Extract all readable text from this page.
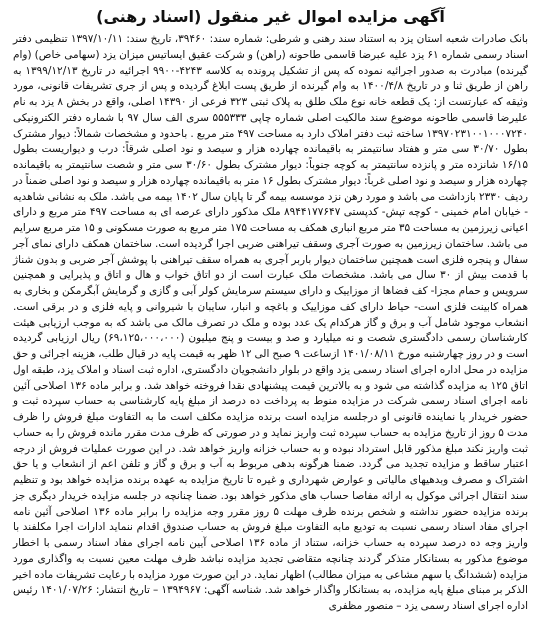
آگهی مزایده اموال غیر منقول (اسناد رهنی)

بانک صادرات شعبه استان یزد به استناد سند رهنی و شرطی: شماره سند: ۳۹۴۶۰، تاریخ سند: ۱۳۹۷/۱۰/۱۱ تنظیمی دفتر اسناد رسمی شماره ۶۱ یزد علیه عبرضا قاسمی طاحونه (راهن) و شرکت عقیق ایساتیس میزان یزد (سهامی خاص) (وام گیرنده) مبادرت به صدور اجرائیه نموده که پس از تشکیل پرونده به کلاسه ۴۲۴۳-۹۹۰۰ اجرائیه در تاریخ ۱۳۹۹/۱۲/۱۳ به راهن از طریق ثنا و در تاریخ ۱۴۰۰/۴/۸ به وام گیرنده از طریق پست ابلاغ گردیده و پس از جری تشریفات قانونی، مورد وثیقه که عبارتست از: یک قطعه خانه نوع ملک طلق به پلاک ثبتی ۳۲۳ فرعی از ۱۴۳۹۰ اصلی، واقع در بخش ۸ یزد به نام علیرضا قاسمی طاحونه موضوع سند مالکیت اصلی شماره چاپی ۵۵۵۳۳۳ سری الف سال ۹۷ با شماره دفتر الکترونیکی ۱۳۹۷۰۲۳۱۰۰۱۰۰۰۷۲۴۰ ساخته ثبت دفتر املاک دارد به مساحت ۴۹۷ متر مربع . باحدود و مشخصات شمالاً: دیوار مشترک بطول ۳۰/۷۰ سی متر و هفتاد سانتیمتر به باقیمانده چهارده هزار و سیصد و نود اصلی شرقاً: درب و دیواریست بطول ۱۶/۱۵ شانزده متر و پانزده سانتیمتر به کوچه جنوباً: دیوار مشترک بطول ۳۰/۶۰ سی متر و شصت سانتیمتر به باقیمانده چهارده هزار و سیصد و نود اصلی غرباً: دیوار مشترک بطول ۱۶ متر به باقیمانده چهارده هزار و سیصد و نود اصلی ضمناً در ردیف ۲۳۳۰ بازداشت می باشد و مورد رهن نزد موسسه بیمه گر تا پایان سال ۱۴۰۲ بیمه می باشد. ملک به نشانی شاهدیه - خیابان امام خمینی - کوچه تپش- کدپستی ۸۹۴۴۱۷۷۶۴۷ ملک مذکور دارای عرصه ای به مساحت ۴۹۷ متر مربع و دارای اعیانی زیرزمین به مساحت ۳۵ متر مربع انباری همکف به مساحت ۱۷۵ متر مربع به صورت مسکونی و ۱۵ متر مربع سرایم می باشد. ساختمان زیرزمین به صورت آجری وسقف تیراهنی ضربی اجرا گردیده است. ساختمان همکف دارای نمای آجر سفال و پنجره فلزی است همچنین ساختمان دیوار باربر آجری به همراه سقف تیراهنی با پوشش آجر ضربی و بدون شناژ با قدمت بیش از ۳۰ سال می باشد. مشخصات ملک عبارت است از دو اتاق خواب و هال و اتاق و پذیرایی و همچنین سرویس و حمام مجزا- کف فضاها از موزاییک و دارای سیستم سرمایش کولر آبی و گازی و گرمایش آبگرمکن و بخاری به همراه کابینت فلزی است- حیاط دارای کف موزاییک و باغچه و انبار، سایبان با شیروانی و پایه فلزی و در برقی است. انشعاب موجود شامل آب و برق و گاز هرکدام یک عدد بوده و ملک در تصرف مالک می باشد که به موجب ارزیابی هیئت کارشناسان رسمی دادگستری شصت و نه میلیارد و صد و بیست و پنج میلیون (۶۹،۱۲۵،۰۰۰،۰۰۰) ریال ارزیابی گردیده است و در روز چهارشنبه مورخ ۱۴۰۱/۰۸/۱۱ ازساعت ۹ صبح الی ۱۲ ظهر به قیمت پایه در قبال طلب، هزینه اجرائی و حق مزایده در محل اداره اجرای اسناد رسمی یزد واقع در بلوار دانشجویان دادگستری، اداره ثبت اسناد و املاک یزد، طبقه اول اتاق ۱۲۵ به مزایده گذاشته می شود و به بالاترین قیمت پیشنهادی نقدا فروخته خواهد شد. و برابر ماده ۱۳۶ اصلاحی آئین نامه اجرای اسناد رسمی شرکت در مزایده منوط به پرداخت ده درصد از مبلغ پایه کارشناسی به حساب سپرده ثبت و حضور خریدار یا نماینده قانونی او درجلسه مزایده است برنده مزایده مکلف است ما به التفاوت مبلغ فروش را ظرف مدت ۵ روز از تاریخ مزایده به حساب سپرده ثبت واریز نماید و در صورتی که ظرف مدت مقرر مانده فروش را به حساب ثبت واریز نکند مبلغ مذکور قابل استرداد نبوده و به حساب خزانه واریز خواهد شد. در این صورت عملیات فروش از درجه اعتبار ساقط و مزایده تجدید می گردد. ضمنا هرگونه بدهی مربوط به آب و برق و گاز و تلفن اعم از انشعاب و یا حق اشتراک و مصرف وبدهیهای مالیاتی و عوارض شهرداری و غیره تا تاریخ مزایده به عهده برنده مزایده خواهد بود و تنظیم سند انتقال اجرائی موکول به ارائه مفاصا حساب های مذکور خواهد بود. ضمنا چنانچه در جلسه مزایده خریدار دیگری جز برنده مزایده حضور نداشته و شخص برنده ظرف مهلت ۵ روز مقرر وجه مزایده را برابر ماده ۱۳۶ اصلاحی آئین نامه اجرای مفاد اسناد رسمی نسبت به تودیع مابه التفاوت مبلغ فروش به حساب صندوق اقدام ننماید ادارات اجرا مکلفند با واریز وجه ده درصد سپرده به حساب خزانه، ستناد از ماده ۱۳۶ اصلاحی آیین نامه اجرای مفاد اسناد رسمی با اخطار موضوع مذکور به بستانکار متذکر گردند چنانچه متقاضی تجدید مزایده نباشد ظرف مهلت معین نسبت به واگذاری مورد مزایده (ششدانگ یا سهم مشاعی به میزان مطالب) اظهار نماید. در این صورت مورد مزایده با رعایت تشریفات ماده اخیر الذکر بر مبنای مبلغ پایه مزایده، به بستانکار واگذار خواهد شد. شناسه آگهی: ۱۳۹۴۹۶۷ – تاریخ انتشار: ۱۴۰۱/۰۷/۲۶ رئیس اداره اجرای اسناد رسمی یزد – منصور مظفری
